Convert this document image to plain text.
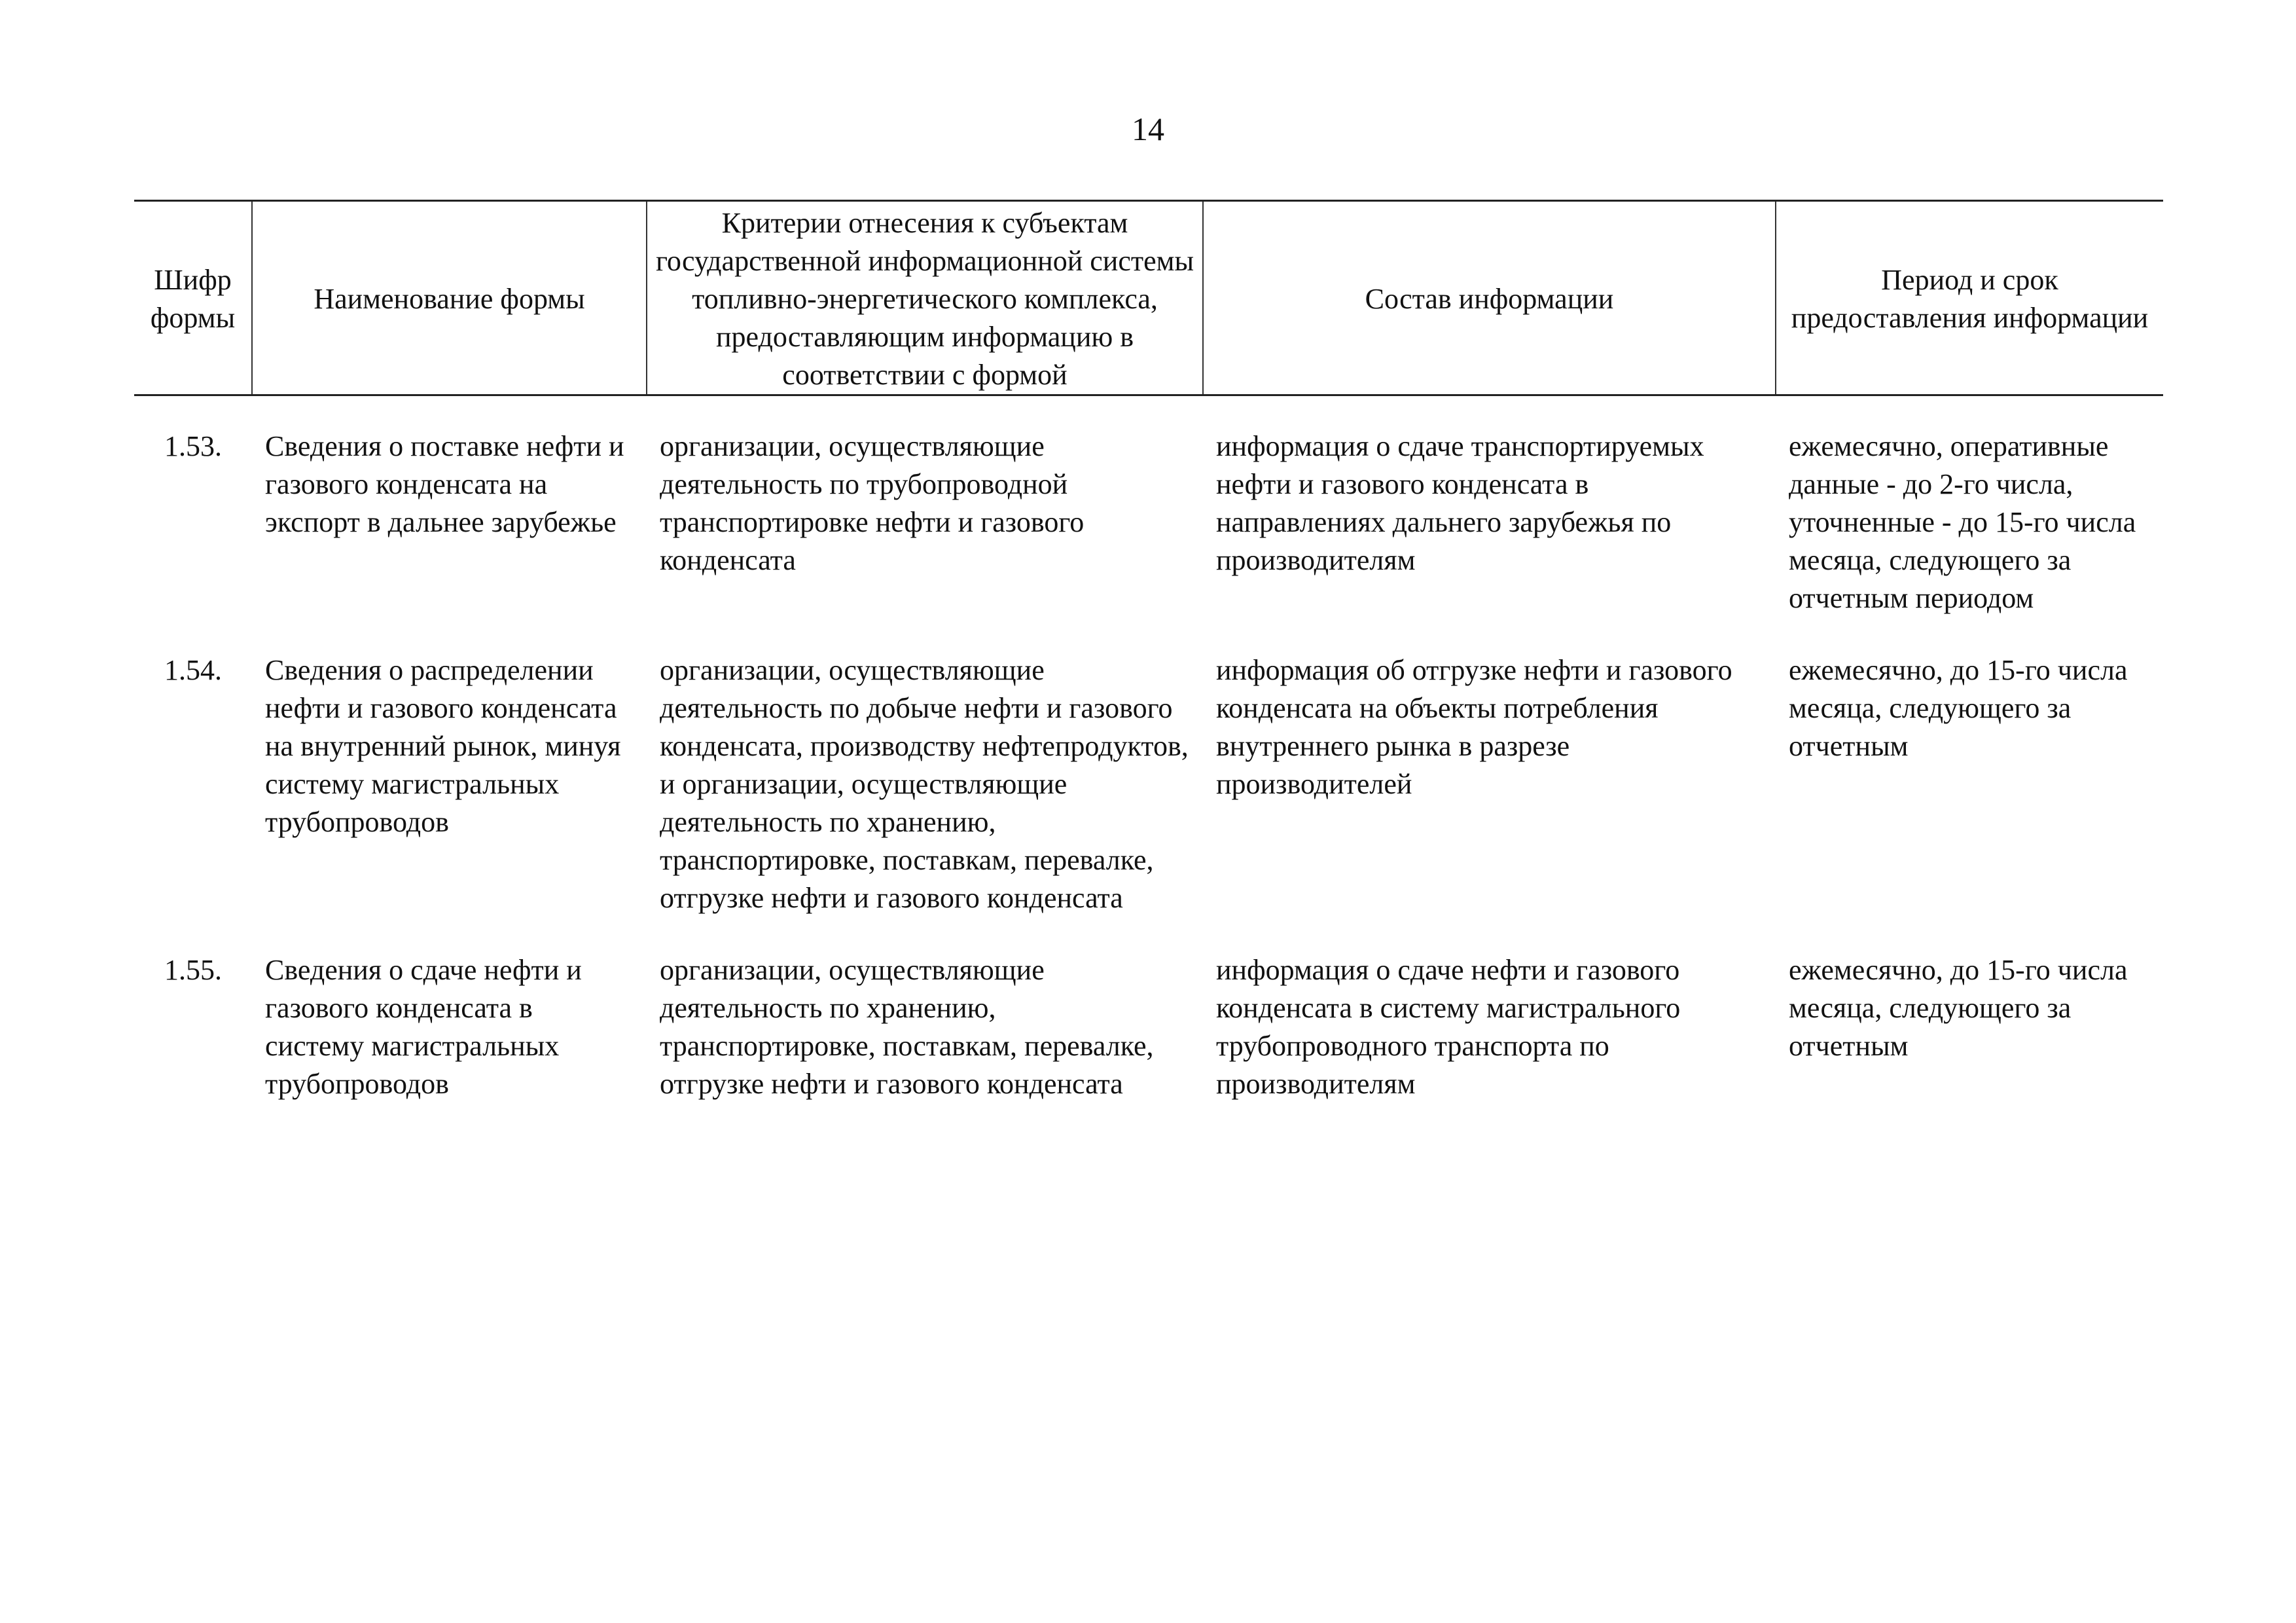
14
Шифр формы	Наименование формы	Критерии отнесения к субъектам государственной информационной системы топливно-энергетического комплекса, предоставляющим информацию в соответствии с формой	Состав информации	Период и срок предоставления информации

1.53.	Сведения о поставке нефти и газового конденсата на экспорт в дальнее зарубежье	организации, осуществляющие деятельность по трубопроводной транспортировке нефти и газового конденсата	информация о сдаче транспортируемых нефти и газового конденсата в направлениях дальнего зарубежья по производителям	ежемесячно, оперативные данные - до 2-го числа, уточненные - до 15-го числа месяца, следующего за отчетным периодом

1.54.	Сведения о распределении нефти и газового конденсата на внутренний рынок, минуя систему магистральных трубопроводов	организации, осуществляющие деятельность по добыче нефти и газового конденсата, производству нефтепродуктов, и организации, осуществляющие деятельность по хранению, транспортировке, поставкам, перевалке, отгрузке нефти и газового конденсата	информация об отгрузке нефти и газового конденсата на объекты потребления внутреннего рынка в разрезе производителей	ежемесячно, до 15-го числа месяца, следующего за отчетным

1.55.	Сведения о сдаче нефти и газового конденсата в систему магистральных трубопроводов	организации, осуществляющие деятельность по хранению, транспортировке, поставкам, перевалке, отгрузке нефти и газового конденсата	информация о сдаче нефти и газового конденсата в систему магистрального трубопроводного транспорта по производителям	ежемесячно, до 15-го числа месяца, следующего за отчетным
